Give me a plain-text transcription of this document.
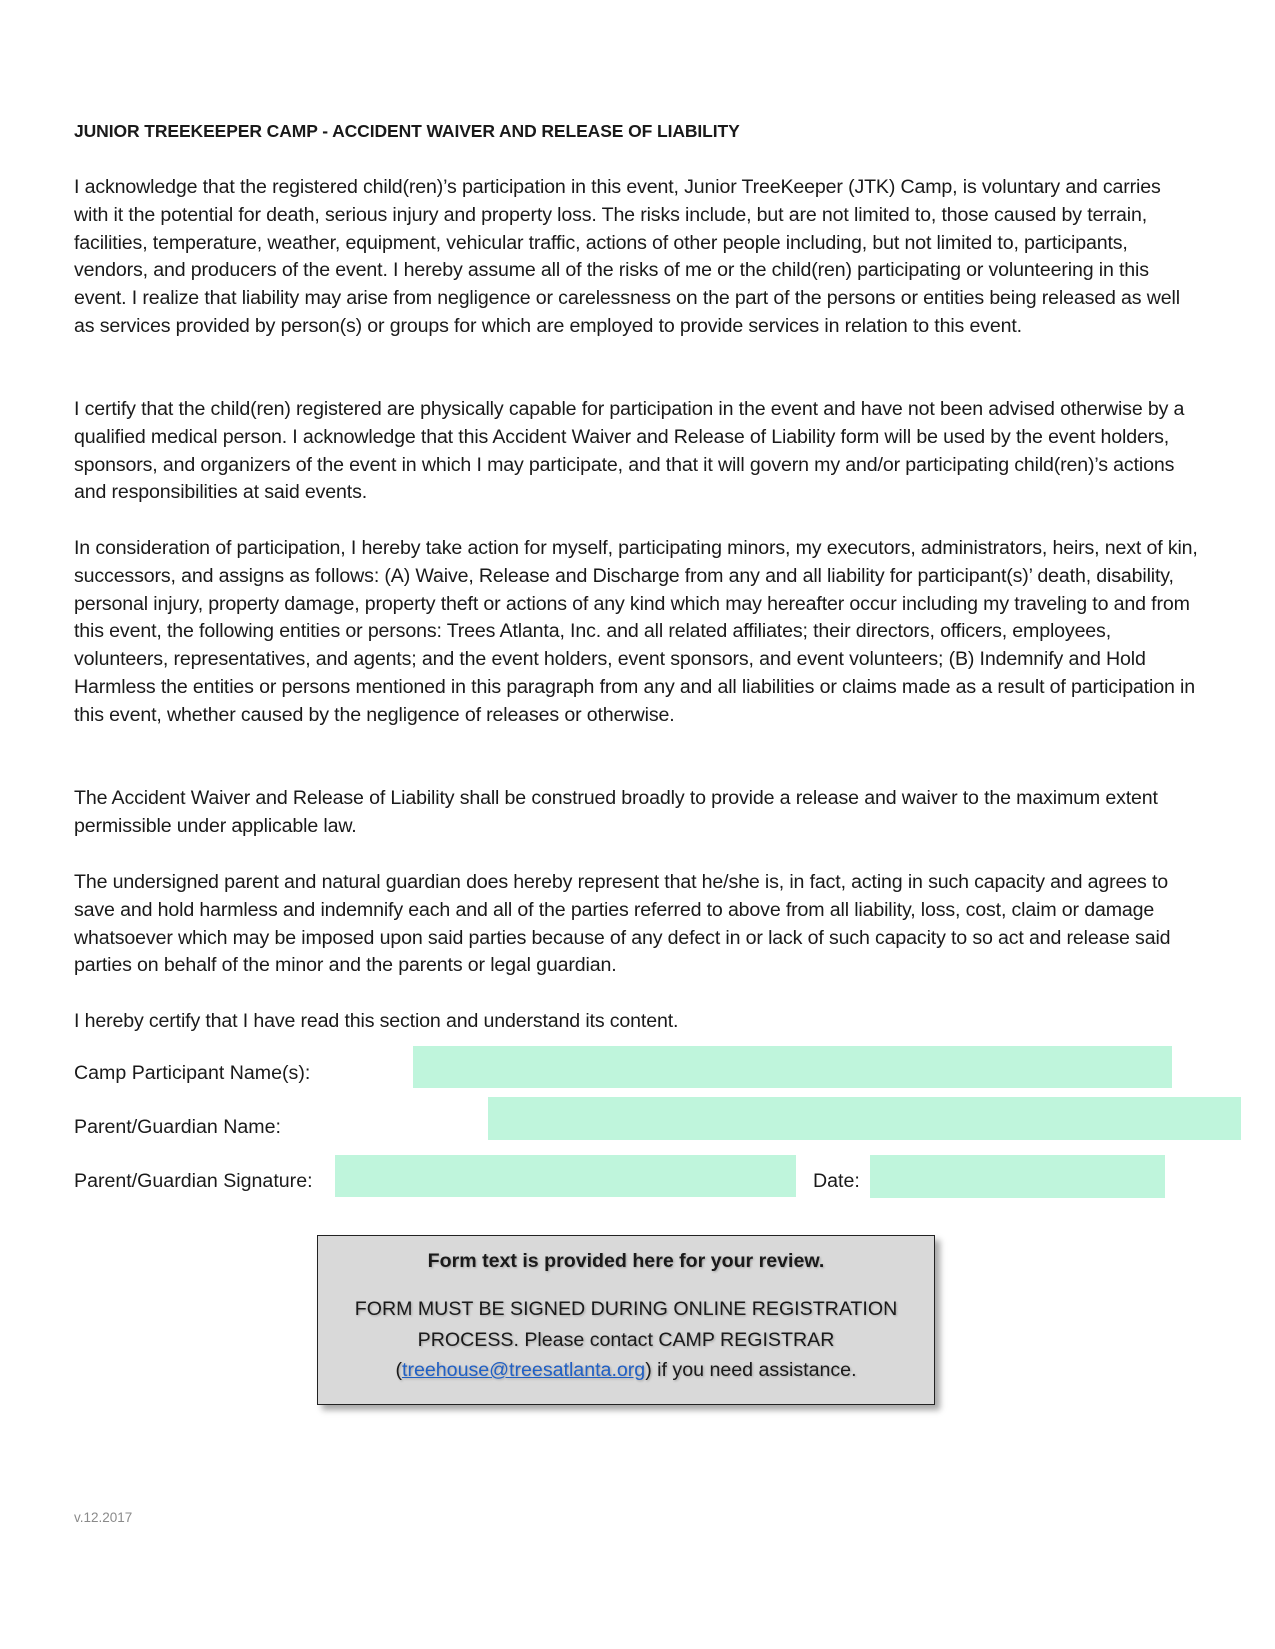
JUNIOR TREEKEEPER CAMP - ACCIDENT WAIVER AND RELEASE OF LIABILITY

I acknowledge that the registered child(ren)’s participation in this event, Junior TreeKeeper (JTK) Camp, is voluntary and carries with it the potential for death, serious injury and property loss. The risks include, but are not limited to, those caused by terrain, facilities, temperature, weather, equipment, vehicular traffic, actions of other people including, but not limited to, participants, vendors, and producers of the event. I hereby assume all of the risks of me or the child(ren) participating or volunteering in this event. I realize that liability may arise from negligence or carelessness on the part of the persons or entities being released as well as services provided by person(s) or groups for which are employed to provide services in relation to this event.

I certify that the child(ren) registered are physically capable for participation in the event and have not been advised otherwise by a qualified medical person. I acknowledge that this Accident Waiver and Release of Liability form will be used by the event holders, sponsors, and organizers of the event in which I may participate, and that it will govern my and/or participating child(ren)’s actions and responsibilities at said events.

In consideration of participation, I hereby take action for myself, participating minors, my executors, administrators, heirs, next of kin, successors, and assigns as follows: (A) Waive, Release and Discharge from any and all liability for participant(s)’ death, disability, personal injury, property damage, property theft or actions of any kind which may hereafter occur including my traveling to and from this event, the following entities or persons: Trees Atlanta, Inc. and all related affiliates; their directors, officers, employees, volunteers, representatives, and agents; and the event holders, event sponsors, and event volunteers; (B) Indemnify and Hold Harmless the entities or persons mentioned in this paragraph from any and all liabilities or claims made as a result of participation in this event, whether caused by the negligence of releases or otherwise.

The Accident Waiver and Release of Liability shall be construed broadly to provide a release and waiver to the maximum extent permissible under applicable law.

The undersigned parent and natural guardian does hereby represent that he/she is, in fact, acting in such capacity and agrees to save and hold harmless and indemnify each and all of the parties referred to above from all liability, loss, cost, claim or damage whatsoever which may be imposed upon said parties because of any defect in or lack of such capacity to so act and release said parties on behalf of the minor and the parents or legal guardian.

I hereby certify that I have read this section and understand its content.

Camp Participant Name(s):
Parent/Guardian Name:
Parent/Guardian Signature:	Date:
Form text is provided here for your review.
FORM MUST BE SIGNED DURING ONLINE REGISTRATION PROCESS. Please contact CAMP REGISTRAR
(treehouse@treesatlanta.org) if you need assistance.
v.12.2017
